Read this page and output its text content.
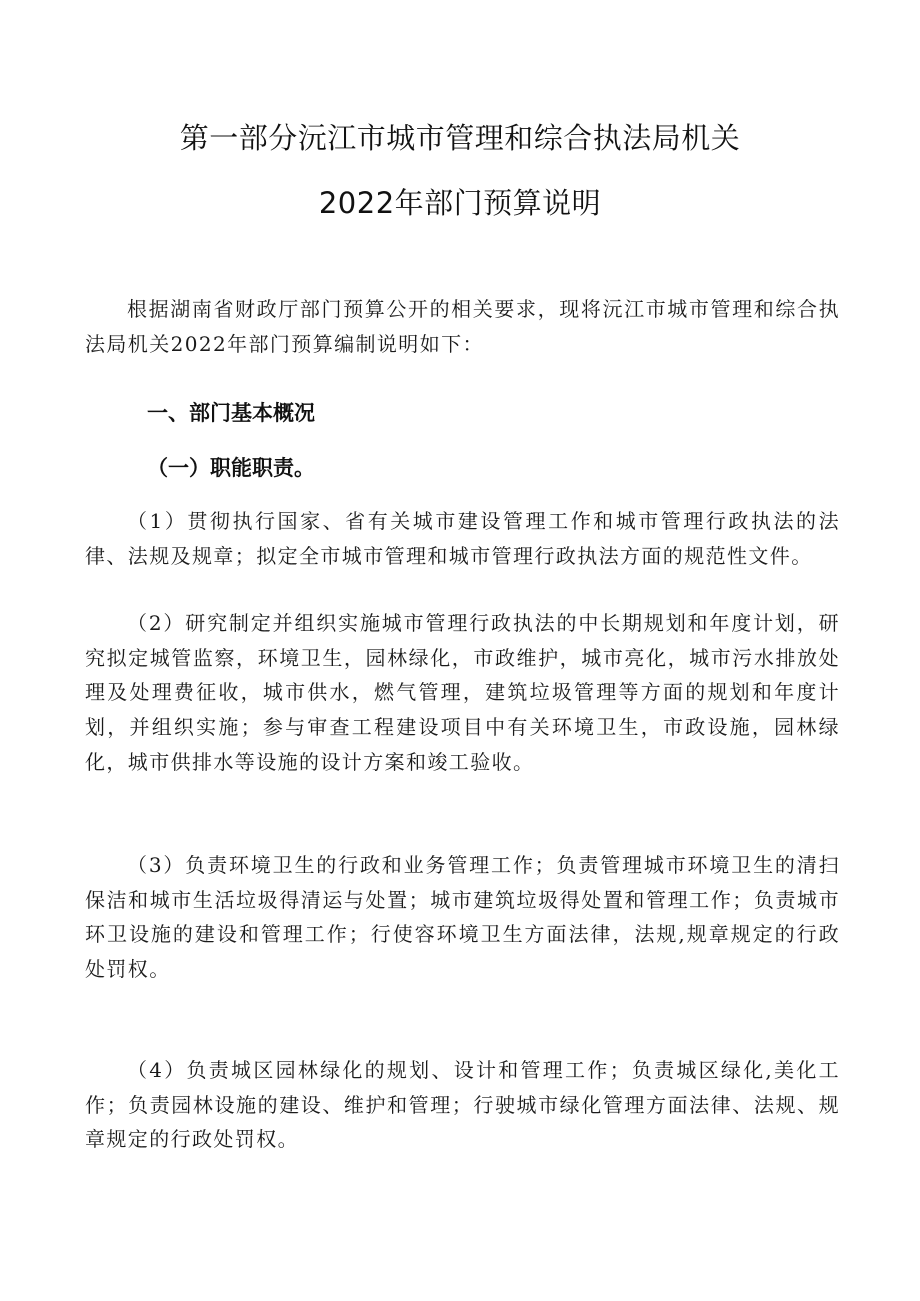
第一部分沅江市城市管理和综合执法局机关
2022年部门预算说明

根据湖南省财政厅部门预算公开的相关要求，现将沅江市城市管理和综合执法局机关2022年部门预算编制说明如下：

一、部门基本概况
（一）职能职责。

（1）贯彻执行国家、省有关城市建设管理工作和城市管理行政执法的法律、法规及规章；拟定全市城市管理和城市管理行政执法方面的规范性文件。

（2）研究制定并组织实施城市管理行政执法的中长期规划和年度计划，研究拟定城管监察，环境卫生，园林绿化，市政维护，城市亮化，城市污水排放处理及处理费征收，城市供水，燃气管理，建筑垃圾管理等方面的规划和年度计划，并组织实施；参与审查工程建设项目中有关环境卫生，市政设施，园林绿化，城市供排水等设施的设计方案和竣工验收。

（3）负责环境卫生的行政和业务管理工作；负责管理城市环境卫生的清扫保洁和城市生活垃圾得清运与处置；城市建筑垃圾得处置和管理工作；负责城市环卫设施的建设和管理工作；行使容环境卫生方面法律，法规,规章规定的行政处罚权。

（4）负责城区园林绿化的规划、设计和管理工作；负责城区绿化,美化工作；负责园林设施的建设、维护和管理；行驶城市绿化管理方面法律、法规、规章规定的行政处罚权。
